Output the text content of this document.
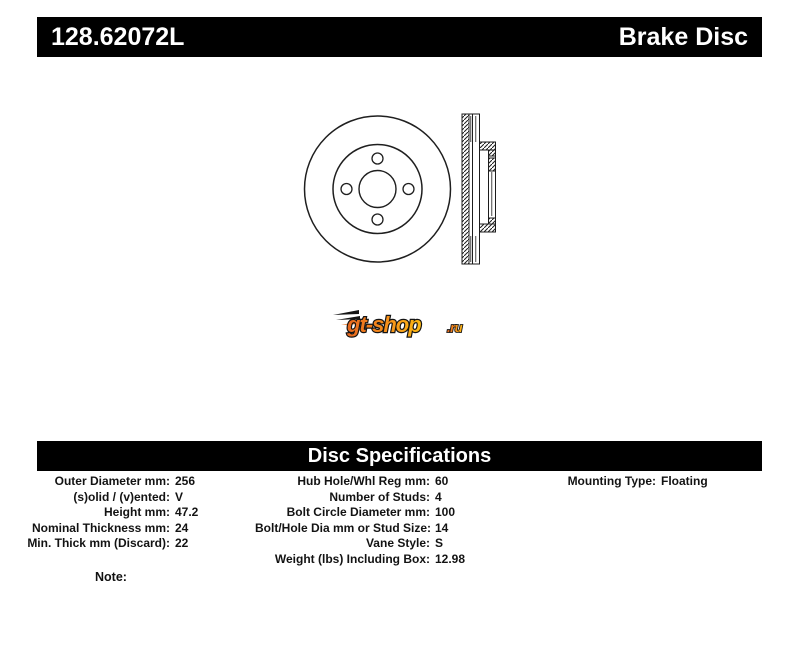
128.62072L	Brake Disc
gt-shop .ru
Disc Specifications
Outer Diameter mm: 256
(s)olid / (v)ented: V
Height mm: 47.2
Nominal Thickness mm: 24
Min. Thick mm (Discard): 22
Hub Hole/Whl Reg mm: 60
Number of Studs: 4
Bolt Circle Diameter mm: 100
Bolt/Hole Dia mm or Stud Size: 14
Vane Style: S
Weight (lbs) Including Box: 12.98
Mounting Type: Floating
Note:
